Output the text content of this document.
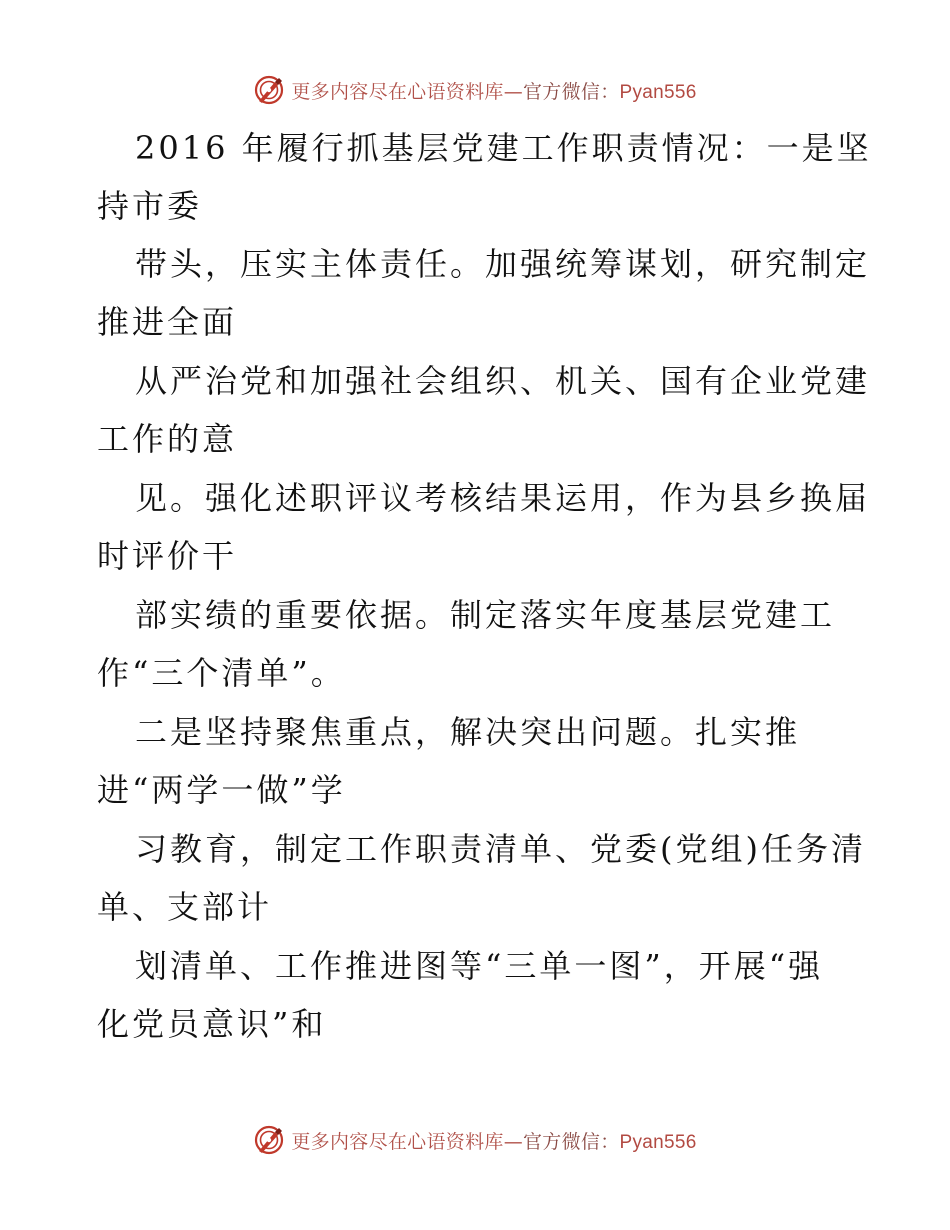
更多内容尽在心语资料库—官方微信：Pyan556
2016 年履行抓基层党建工作职责情况：一是坚
持市委
带头，压实主体责任。加强统筹谋划，研究制定
推进全面
从严治党和加强社会组织、机关、国有企业党建
工作的意
见。强化述职评议考核结果运用，作为县乡换届
时评价干
部实绩的重要依据。制定落实年度基层党建工
作“三个清单”。
二是坚持聚焦重点，解决突出问题。扎实推
进“两学一做”学
习教育，制定工作职责清单、党委(党组)任务清
单、支部计
划清单、工作推进图等“三单一图”，开展“强
化党员意识”和
更多内容尽在心语资料库—官方微信：Pyan556
